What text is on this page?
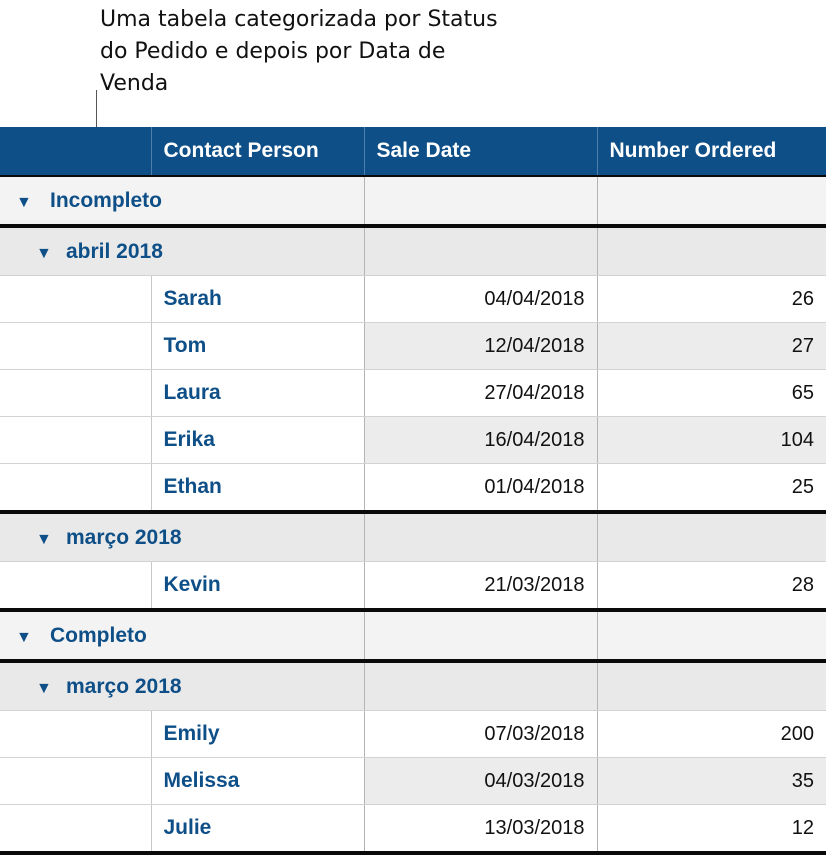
Uma tabela categorizada por Status do Pedido e depois por Data de Venda
	Contact Person	Sale Date	Number Ordered
▼ Incompleto			
▼ abril 2018			
	Sarah	04/04/2018	26
	Tom	12/04/2018	27
	Laura	27/04/2018	65
	Erika	16/04/2018	104
	Ethan	01/04/2018	25
▼ março 2018			
	Kevin	21/03/2018	28
▼ Completo			
▼ março 2018			
	Emily	07/03/2018	200
	Melissa	04/03/2018	35
	Julie	13/03/2018	12
